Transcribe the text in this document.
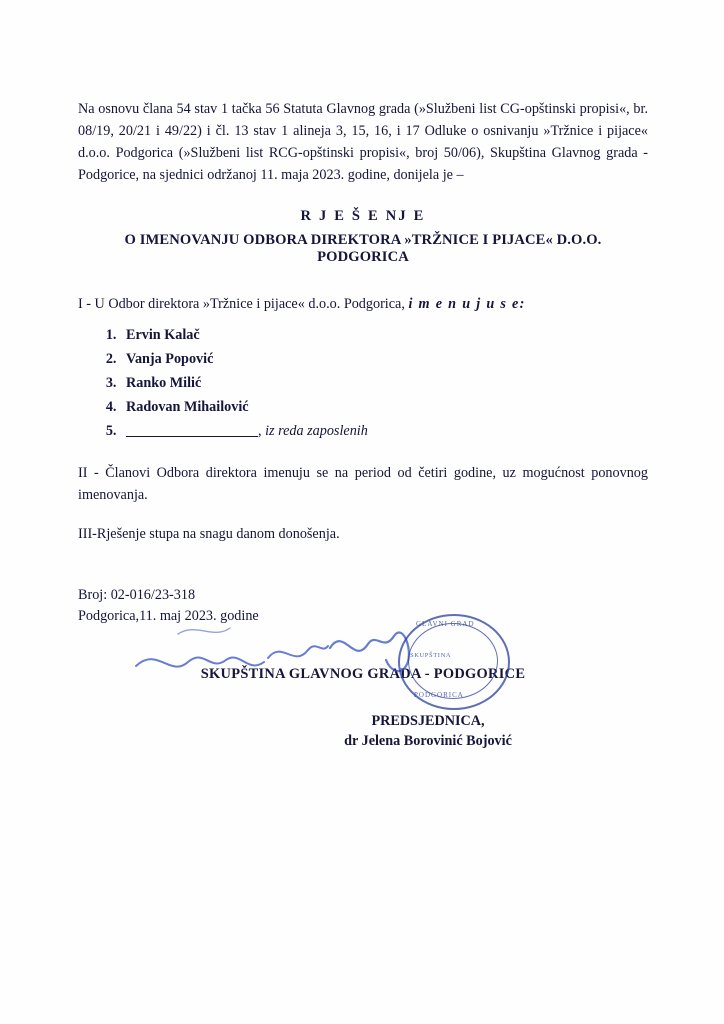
Na osnovu člana 54 stav 1 tačka 56 Statuta Glavnog grada (»Službeni list CG-opštinski propisi«, br. 08/19, 20/21 i 49/22) i čl. 13 stav 1 alineja 3, 15, 16, i 17 Odluke o osnivanju »Tržnice i pijace« d.o.o. Podgorica (»Službeni list RCG-opštinski propisi«, broj 50/06), Skupština Glavnog grada - Podgorice, na sjednici održanoj 11. maja 2023. godine, donijela je –

R J E Š E NJ E
O IMENOVANJU ODBORA DIREKTORA »TRŽNICE I PIJACE« D.O.O. PODGORICA
I - U Odbor direktora »Tržnice i pijace« d.o.o. Podgorica, i m e n u j u s e:
1. Ervin Kalač
2. Vanja Popović
3. Ranko Milić
4. Radovan Mihailović
5. , iz reda zaposlenih

II - Članovi Odbora direktora imenuju se na period od četiri godine, uz mogućnost ponovnog imenovanja.

III-Rješenje stupa na snagu danom donošenja.

Broj: 02-016/23-318
Podgorica,11. maj 2023. godine
SKUPŠTINA GLAVNOG GRADA - PODGORICE
PREDSJEDNICA,
dr Jelena Borovinić Bojović
GLAVNI GRAD
SKUPŠTINA
PODGORICA
